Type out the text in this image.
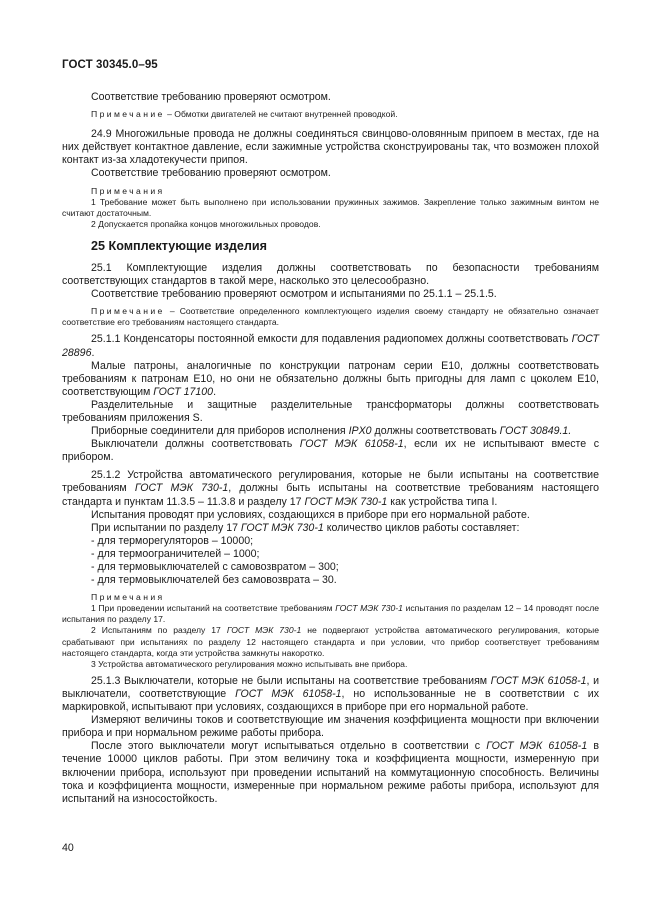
ГОСТ 30345.0–95

Соответствие требованию проверяют осмотром.

Примечание – Обмотки двигателей не считают внутренней проводкой.

24.9 Многожильные провода не должны соединяться свинцово-оловянным припоем в местах, где на них действует контактное давление, если зажимные устройства сконструированы так, что возможен плохой контакт из-за хладотекучести припоя.

Соответствие требованию проверяют осмотром.

Примечания

1 Требование может быть выполнено при использовании пружинных зажимов. Закрепление только зажимным винтом не считают достаточным.

2 Допускается пропайка концов многожильных проводов.

25 Комплектующие изделия

25.1 Комплектующие изделия должны соответствовать по безопасности требованиям соответствующих стандартов в такой мере, насколько это целесообразно.

Соответствие требованию проверяют осмотром и испытаниями по 25.1.1 – 25.1.5.

Примечание – Соответствие определенного комплектующего изделия своему стандарту не обязательно означает соответствие его требованиям настоящего стандарта.

25.1.1 Конденсаторы постоянной емкости для подавления радиопомех должны соответствовать ГОСТ 28896.

Малые патроны, аналогичные по конструкции патронам серии Е10, должны соответствовать требованиям к патронам Е10, но они не обязательно должны быть пригодны для ламп с цоколем Е10, соответствующим ГОСТ 17100.

Разделительные и защитные разделительные трансформаторы должны соответствовать требованиям приложения S.

Приборные соединители для приборов исполнения IPX0 должны соответствовать ГОСТ 30849.1.

Выключатели должны соответствовать ГОСТ МЭК 61058-1, если их не испытывают вместе с прибором.

25.1.2 Устройства автоматического регулирования, которые не были испытаны на соответствие требованиям ГОСТ МЭК 730-1, должны быть испытаны на соответствие требованиям настоящего стандарта и пунктам 11.3.5 – 11.3.8 и разделу 17 ГОСТ МЭК 730-1 как устройства типа I.

Испытания проводят при условиях, создающихся в приборе при его нормальной работе.

При испытании по разделу 17 ГОСТ МЭК 730-1 количество циклов работы составляет:

- для терморегуляторов – 10000;

- для термоограничителей – 1000;

- для термовыключателей с самовозвратом – 300;

- для термовыключателей без самовозврата – 30.

Примечания

1 При проведении испытаний на соответствие требованиям ГОСТ МЭК 730-1 испытания по разделам 12 – 14 проводят после испытания по разделу 17.

2 Испытаниям по разделу 17 ГОСТ МЭК 730-1 не подвергают устройства автоматического регулирования, которые срабатывают при испытаниях по разделу 12 настоящего стандарта и при условии, что прибор соответствует требованиям настоящего стандарта, когда эти устройства замкнуты накоротко.

3 Устройства автоматического регулирования можно испытывать вне прибора.

25.1.3 Выключатели, которые не были испытаны на соответствие требованиям ГОСТ МЭК 61058-1, и выключатели, соответствующие ГОСТ МЭК 61058-1, но использованные не в соответствии с их маркировкой, испытывают при условиях, создающихся в приборе при его нормальной работе.

Измеряют величины токов и соответствующие им значения коэффициента мощности при включении прибора и при нормальном режиме работы прибора.

После этого выключатели могут испытываться отдельно в соответствии с ГОСТ МЭК 61058-1 в течение 10000 циклов работы. При этом величину тока и коэффициента мощности, измеренную при включении прибора, используют при проведении испытаний на коммутационную способность. Величины тока и коэффициента мощности, измеренные при нормальном режиме работы прибора, используют для испытаний на износостойкость.

40
